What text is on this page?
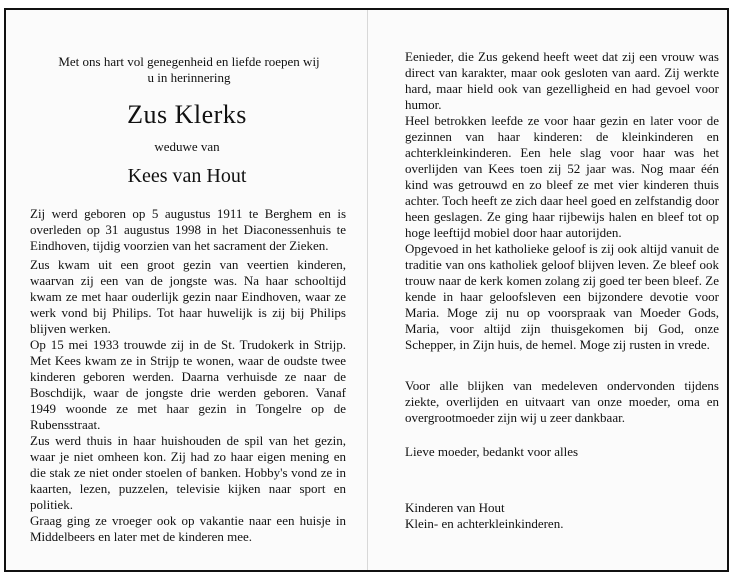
Met ons hart vol genegenheid en liefde roepen wij
u in herinnering
Zus Klerks
weduwe van
Kees van Hout

Zij werd geboren op 5 augustus 1911 te Berghem en is overleden op 31 augustus 1998 in het Diaconessenhuis te Eindhoven, tijdig voorzien van het sacrament der Zieken.

Zus kwam uit een groot gezin van veertien kinderen, waarvan zij een van de jongste was. Na haar schooltijd kwam ze met haar ouderlijk gezin naar Eindhoven, waar ze werk vond bij Philips. Tot haar huwelijk is zij bij Philips blijven werken.

Op 15 mei 1933 trouwde zij in de St. Trudokerk in Strijp. Met Kees kwam ze in Strijp te wonen, waar de oudste twee kinderen geboren werden. Daarna verhuisde ze naar de Boschdijk, waar de jongste drie werden geboren. Vanaf 1949 woonde ze met haar gezin in Tongelre op de Rubensstraat.

Zus werd thuis in haar huishouden de spil van het gezin, waar je niet omheen kon. Zij had zo haar eigen mening en die stak ze niet onder stoelen of banken. Hobby's vond ze in kaarten, lezen, puzzelen, televisie kijken naar sport en politiek.

Graag ging ze vroeger ook op vakantie naar een huisje in Middelbeers en later met de kinderen mee.

Eenieder, die Zus gekend heeft weet dat zij een vrouw was direct van karakter, maar ook gesloten van aard. Zij werkte hard, maar hield ook van gezelligheid en had gevoel voor humor.

Heel betrokken leefde ze voor haar gezin en later voor de gezinnen van haar kinderen: de kleinkinderen en achterkleinkinderen. Een hele slag voor haar was het overlijden van Kees toen zij 52 jaar was. Nog maar één kind was getrouwd en zo bleef ze met vier kinderen thuis achter. Toch heeft ze zich daar heel goed en zelfstandig door heen geslagen. Ze ging haar rijbewijs halen en bleef tot op hoge leeftijd mobiel door haar autorijden.

Opgevoed in het katholieke geloof is zij ook altijd vanuit de traditie van ons katholiek geloof blijven leven. Ze bleef ook trouw naar de kerk komen zolang zij goed ter been bleef. Ze kende in haar geloofsleven een bijzondere devotie voor Maria. Moge zij nu op voorspraak van Moeder Gods, Maria, voor altijd zijn thuisgekomen bij God, onze Schepper, in Zijn huis, de hemel. Moge zij rusten in vrede.

Voor alle blijken van medeleven ondervonden tijdens ziekte, overlijden en uitvaart van onze moeder, oma en overgrootmoeder zijn wij u zeer dankbaar.

Lieve moeder, bedankt voor alles

Kinderen van Hout

Klein- en achterkleinkinderen.
